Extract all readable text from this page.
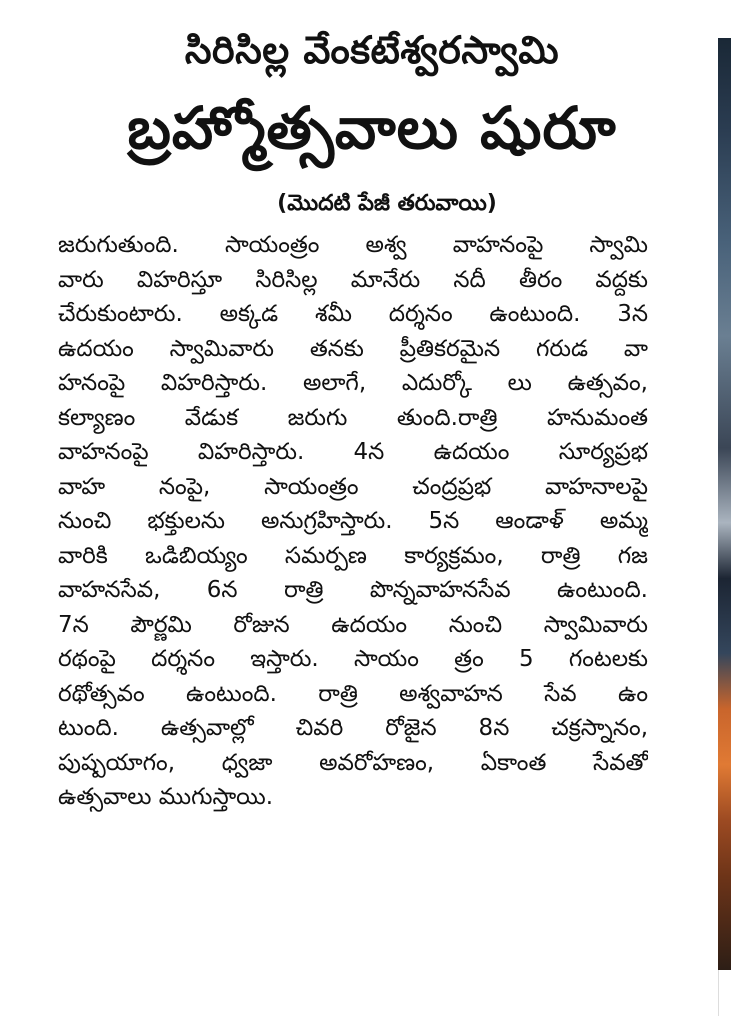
సిరిసిల్ల వేంకటేశ్వరస్వామి
బ్రహ్మోత్సవాలు షురూ

(మొదటి పేజీ తరువాయి)

జరుగుతుంది. సాయంత్రం అశ్వ వాహనంపై స్వామి
వారు విహరిస్తూ సిరిసిల్ల మానేరు నదీ తీరం వద్దకు
చేరుకుంటారు. అక్కడ శమీ దర్శనం ఉంటుంది. 3న
ఉదయం స్వామివారు తనకు ప్రీతికరమైన గరుడ వా
హనంపై విహరిస్తారు. అలాగే, ఎదుర్కో లు ఉత్సవం,
కల్యాణం వేడుక జరుగు తుంది.రాత్రి హనుమంత
వాహనంపై విహరిస్తారు. 4న ఉదయం సూర్యప్రభ
వాహ నంపై, సాయంత్రం చంద్రప్రభ వాహనాలపై
నుంచి భక్తులను అనుగ్రహిస్తారు. 5న ఆండాళ్ అమ్మ
వారికి ఒడిబియ్యం సమర్పణ కార్యక్రమం, రాత్రి గజ
వాహనసేవ, 6న రాత్రి పొన్నవాహనసేవ ఉంటుంది.
7న పౌర్ణమి రోజున ఉదయం నుంచి స్వామివారు
రథంపై దర్శనం ఇస్తారు. సాయం త్రం 5 గంటలకు
రథోత్సవం ఉంటుంది. రాత్రి అశ్వవాహన సేవ ఉం
టుంది. ఉత్సవాల్లో చివరి రోజైన 8న చక్రస్నానం,
పుష్పయాగం, ధ్వజా అవరోహణం, ఏకాంత సేవతో
ఉత్సవాలు ముగుస్తాయి.
